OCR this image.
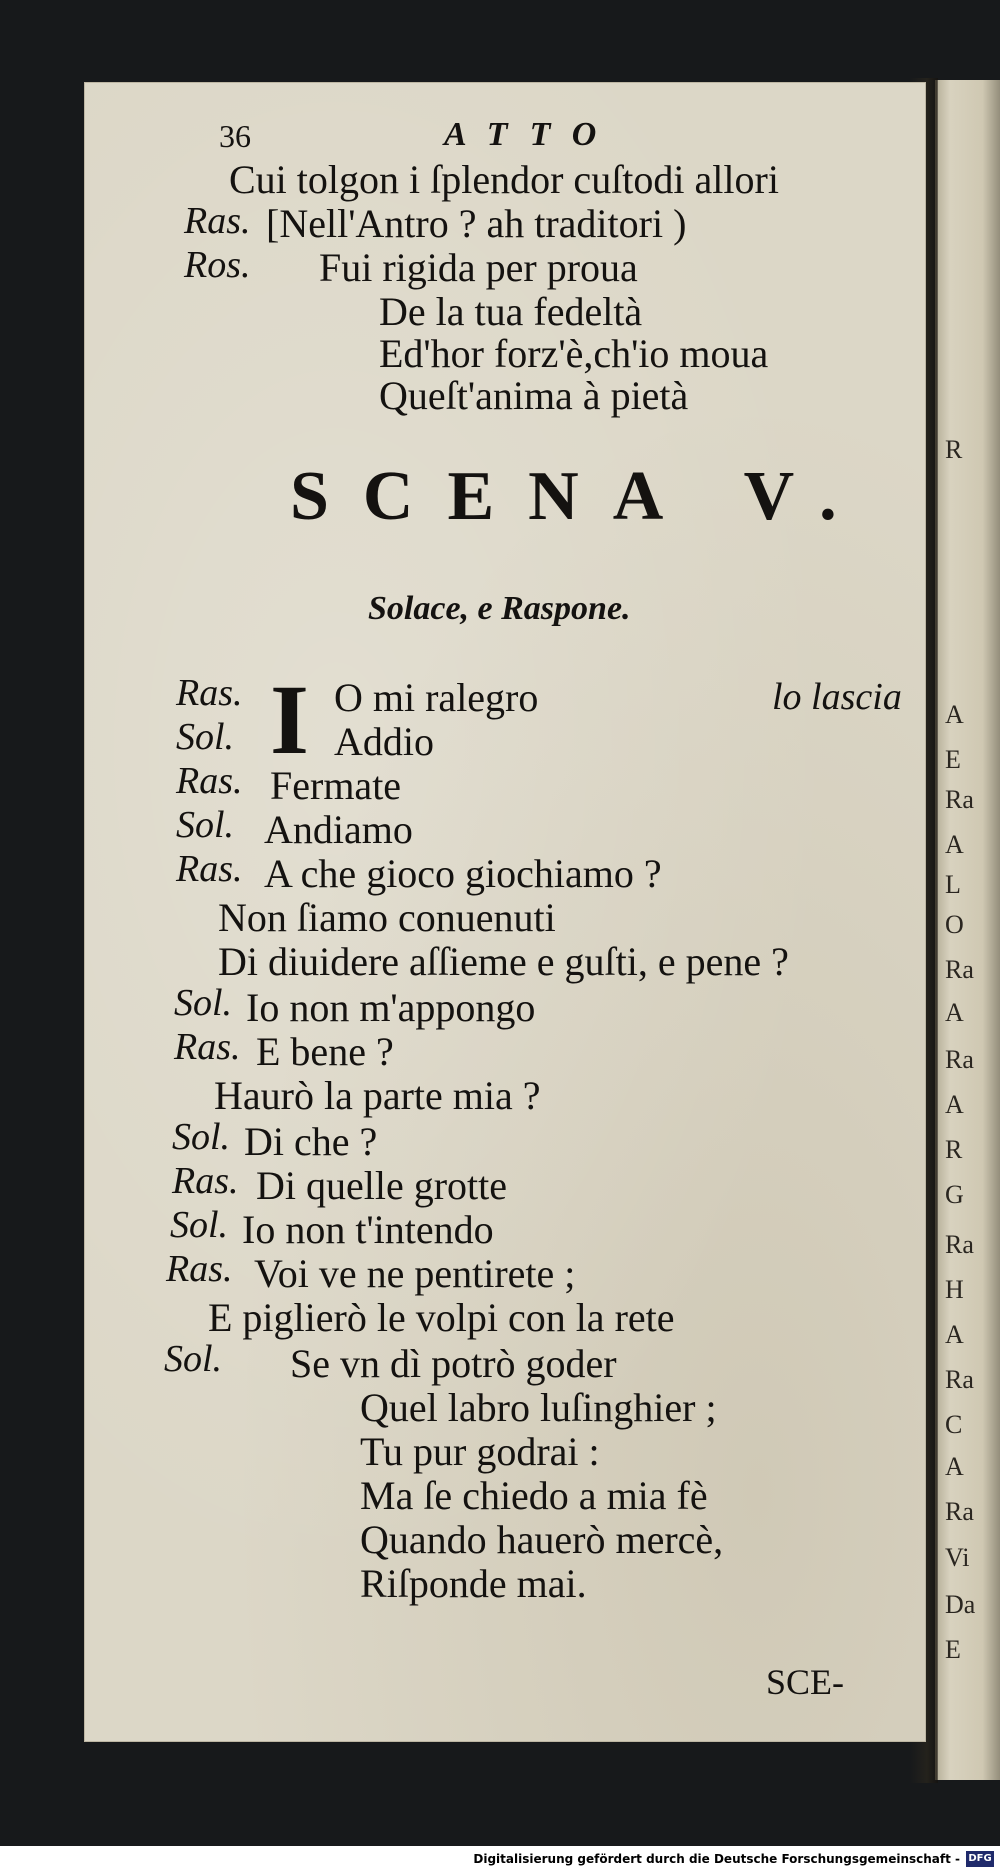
R
A
E
Ra
A
L
O
Ra
A
Ra
A
R
G
Ra
H
A
Ra
C
A
Ra
Vi
Da
E
36	ATTO
Cui tolgon i ſplendor cuſtodi allori
Ras. [Nell'Antro ? ah traditori )
Ros. Fui rigida per proua
De la tua fedeltà
Ed'hor forz'è,ch'io moua
Queſt'anima à pietà
SCENA V.
Solace, e Raspone.
I
Ras. O mi ralegro	lo lascia
Sol. Addio
Ras. Fermate
Sol. Andiamo
Ras. A che gioco giochiamo ?
Non ſiamo conuenuti
Di diuidere aſſieme e guſti, e pene ?
Sol. Io non m'appongo
Ras. E bene ?
Haurò la parte mia ?
Sol. Di che ?
Ras. Di quelle grotte
Sol. Io non t'intendo
Ras. Voi ve ne pentirete ;
E piglierò le volpi con la rete
Sol. Se vn dì potrò goder
Quel labro luſinghier ;
Tu pur godrai :
Ma ſe chiedo a mia fè
Quando hauerò mercè,
Riſponde mai.
SCE-
Digitalisierung gefördert durch die Deutsche Forschungsgemeinschaft - DFG
